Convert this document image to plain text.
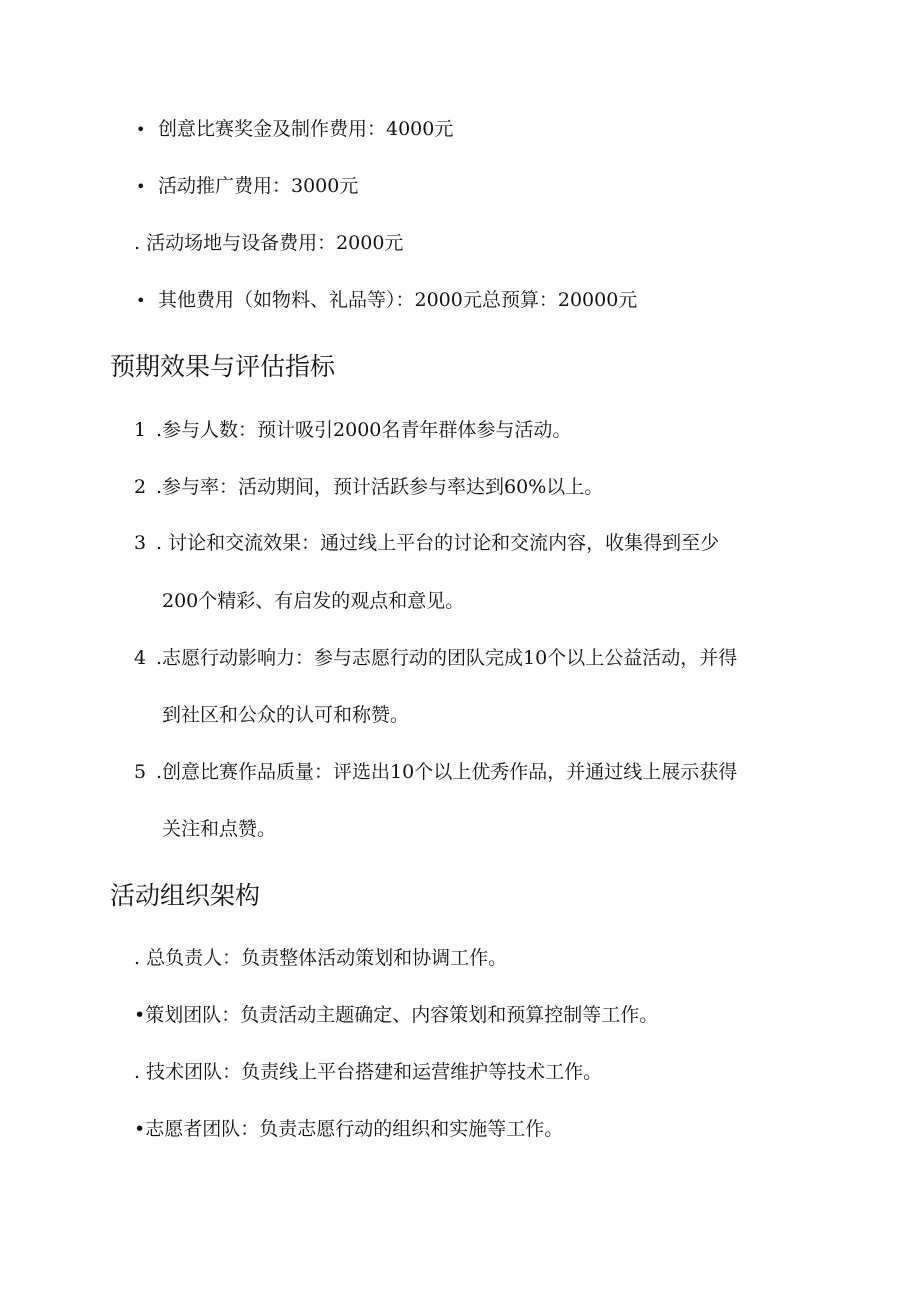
• 创意比赛奖金及制作费用：4000元
• 活动推广费用：3000元
. 活动场地与设备费用：2000元
• 其他费用（如物料、礼品等）：2000元总预算：20000元
预期效果与评估指标
1 .参与人数：预计吸引2000名青年群体参与活动。
2 .参与率：活动期间，预计活跃参与率达到60%以上。
3 . 讨论和交流效果：通过线上平台的讨论和交流内容，收集得到至少
200个精彩、有启发的观点和意见。
4 .志愿行动影响力：参与志愿行动的团队完成10个以上公益活动，并得
到社区和公众的认可和称赞。
5 .创意比赛作品质量：评选出10个以上优秀作品，并通过线上展示获得
关注和点赞。
活动组织架构
. 总负责人：负责整体活动策划和协调工作。
•策划团队：负责活动主题确定、内容策划和预算控制等工作。
. 技术团队：负责线上平台搭建和运营维护等技术工作。
•志愿者团队：负责志愿行动的组织和实施等工作。
